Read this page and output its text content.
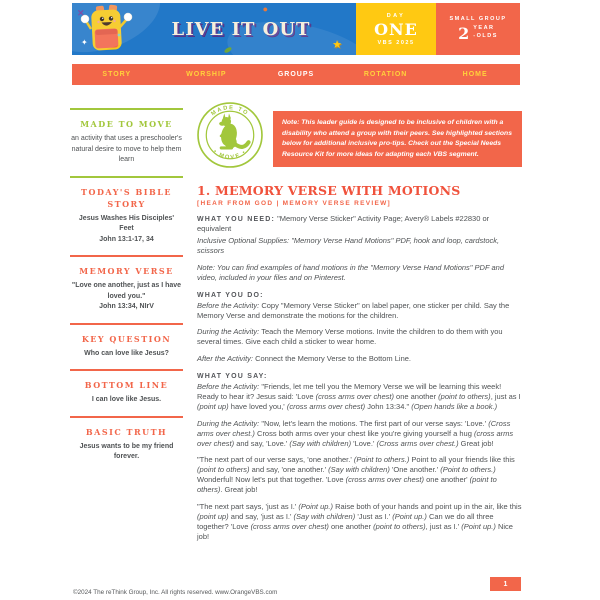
✕
✦
●
★
LIVE IT OUT
DAY
ONE
VBS 2025
SMALL GROUP
2 YEAR
-OLDS
STORY	WORSHIP	GROUPS	ROTATION	HOME
MADE TO MOVE
an activity that uses a preschooler's natural desire to move to help them learn
TODAY'S BIBLE STORY
Jesus Washes His Disciples' Feet
John 13:1-17, 34
MEMORY VERSE
"Love one another, just as I have loved you."
John 13:34, NIrV
KEY QUESTION
Who can love like Jesus?
BOTTOM LINE
I can love like Jesus.
BASIC TRUTH
Jesus wants to be my friend forever.
MADE TO
• MOVE •
Note: This leader guide is designed to be inclusive of children with a disability who attend a group with their peers. See highlighted sections below for additional inclusive pro-tips. Check out the Special Needs Resource Kit for more ideas for adapting each VBS segment.
1. MEMORY VERSE WITH MOTIONS
[HEAR FROM GOD | MEMORY VERSE REVIEW]

WHAT YOU NEED: "Memory Verse Sticker" Activity Page; Avery® Labels #22830 or equivalent

Inclusive Optional Supplies: "Memory Verse Hand Motions" PDF, hook and loop, cardstock, scissors

Note: You can find examples of hand motions in the "Memory Verse Hand Motions" PDF and video, included in your files and on Pinterest.

WHAT YOU DO:

Before the Activity: Copy "Memory Verse Sticker" on label paper, one sticker per child. Say the Memory Verse and demonstrate the motions for the children.

During the Activity: Teach the Memory Verse motions. Invite the children to do them with you several times. Give each child a sticker to wear home.

After the Activity: Connect the Memory Verse to the Bottom Line.

WHAT YOU SAY:

Before the Activity: "Friends, let me tell you the Memory Verse we will be learning this week! Ready to hear it? Jesus said: 'Love (cross arms over chest) one another (point to others), just as I (point up) have loved you,' (cross arms over chest) John 13:34." (Open hands like a book.)

During the Activity: "Now, let's learn the motions. The first part of our verse says: 'Love.' (Cross arms over chest.) Cross both arms over your chest like you're giving yourself a hug (cross arms over chest) and say, 'Love.' (Say with children) 'Love.' (Cross arms over chest.) Great job!

"The next part of our verse says, 'one another.' (Point to others.) Point to all your friends like this (point to others) and say, 'one another.' (Say with children) 'One another.' (Point to others.) Wonderful! Now let's put that together. 'Love (cross arms over chest) one another' (point to others). Great job!

"The next part says, 'just as I.' (Point up.) Raise both of your hands and point up in the air, like this (point up) and say, 'just as I.' (Say with children) 'Just as I.' (Point up.) Can we do all three together? 'Love (cross arms over chest) one another (point to others), just as I.' (Point up.) Nice job!

©2024 The reThink Group, Inc. All rights reserved. www.OrangeVBS.com
1
